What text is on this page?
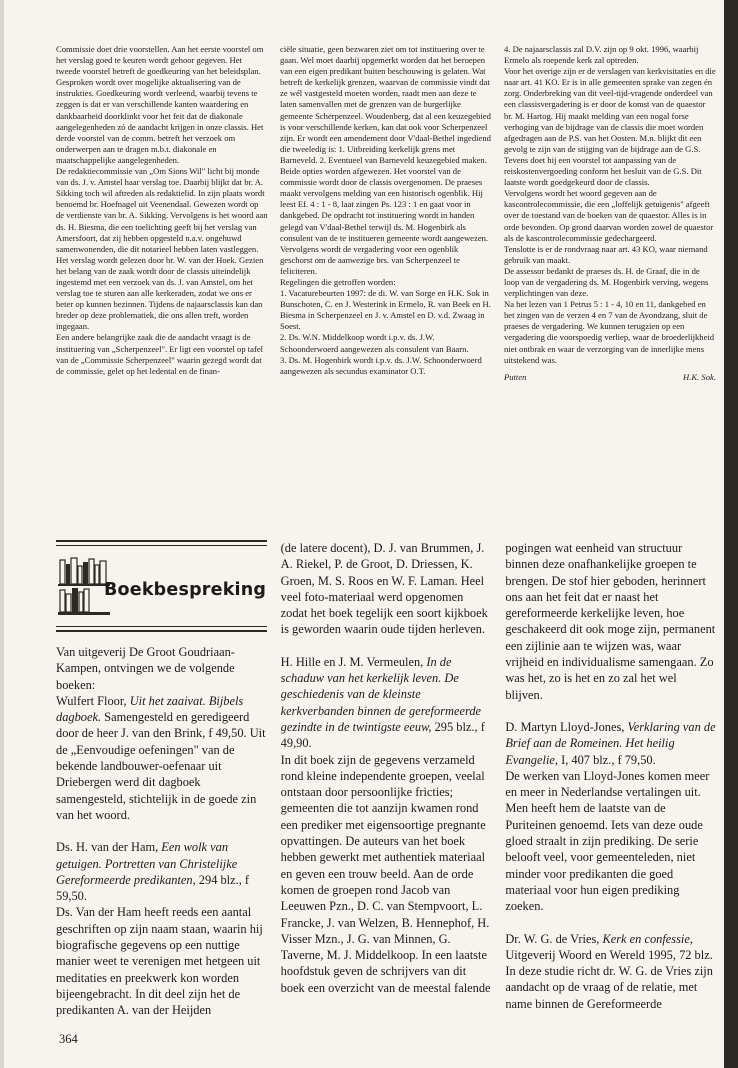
Commissie doet drie voorstellen. Aan het eerste voorstel om het verslag goed te keuren wordt gehoor gegeven. Het tweede voorstel betreft de goedkeuring van het beleidsplan. Gesproken wordt over mogelijke aktualisering van de instrukties. Goedkeuring wordt verleend, waarbij tevens te zeggen is dat er van verschillende kanten waardering en dankbaarheid doorklinkt voor het feit dat de diakonale aangelegenheden zó de aandacht krijgen in onze classis. Het derde voorstel van de comm. betreft het verzoek om onderwerpen aan te dragen m.b.t. diakonale en maatschappelijke aangelegenheden.

De redaktiecommissie van „Om Sions Wil" licht bij monde van ds. J. v. Amstel haar verslag toe. Daarbij blijkt dat br. A. Sikking toch wil aftreden als redaktielid. In zijn plaats wordt benoemd br. Hoefnagel uit Veenendaal. Gewezen wordt op de verdienste van br. A. Sikking. Vervolgens is het woord aan ds. H. Biesma, die een toelichting geeft bij het verslag van Amersfoort, dat zij hebben opgesteld n.a.v. ongehuwd samenwonenden, die dit notarieel hebben laten vastleggen. Het verslag wordt gelezen door br. W. van der Hoek. Gezien het belang van de zaak wordt door de classis uiteindelijk ingestemd met een verzoek van ds. J. van Amstel, om het verslag toe te sturen aan alle kerkeraden, zodat we ons er beter op kunnen bezinnen. Tijdens de najaarsclassis kan dan breder op deze problematiek, die ons allen treft, worden ingegaan.

Een andere belangrijke zaak die de aandacht vraagt is de instituering van „Scherpenzeel". Er ligt een voorstel op tafel van de „Commissie Scherpenzeel" waarin gezegd wordt dat de commissie, gelet op het ledental en de finan-

ciële situatie, geen bezwaren ziet om tot instituering over te gaan. Wel moet daarbij opgemerkt worden dat het beroepen van een eigen predikant buiten beschouwing is gelaten. Wat betreft de kerkelijk grenzen, waarvan de commissie vindt dat ze wél vastgesteld moeten worden, raadt men aan deze te laten samenvallen met de grenzen van de burgerlijke gemeente Scherpenzeel. Woudenberg, dat al een keuzegebied is voor verschillende kerken, kan dat ook voor Scherpenzeel zijn. Er wordt een amendement door V'daal-Bethel ingediend die tweeledig is: 1. Uitbreiding kerkelijk grens met Barneveld. 2. Eventueel van Barneveld keuzegebied maken. Beide opties worden afgewezen. Het voorstel van de commissie wordt door de classis overgenomen. De praeses maakt vervolgens melding van een historisch ogenblik. Hij leest Ef. 4 : 1 - 8, laat zingen Ps. 123 : 1 en gaat voor in dankgebed. De opdracht tot instituering wordt in handen gelegd van V'daal-Bethel terwijl ds. M. Hogenbirk als consulent van de te institueren gemeente wordt aangewezen. Vervolgens wordt de vergadering voor een ogenblik geschorst om de aanwezige brs. van Scherpenzeel te feliciteren.

Regelingen die getroffen worden:

1. Vacaturebeurten 1997: de di. W. van Sorge en H.K. Sok in Bunschoten, C. en J. Westerink in Ermelo, R. van Beek en H. Biesma in Scherpenzeel en J. v. Amstel en D. v.d. Zwaag in Soest.

2. Ds. W.N. Middelkoop wordt i.p.v. ds. J.W. Schoonderwoerd aangewezen als consulent van Baarn.

3. Ds. M. Hogenbirk wordt i.p.v. ds. J.W. Schoonderwoerd aangewezen als secundus examinator O.T.

4. De najaarsclassis zal D.V. zijn op 9 okt. 1996, waarbij Ermelo als roepende kerk zal optreden.

Voor het overige zijn er de verslagen van kerkvisitaties en die naar art. 41 KO. Er is in alle gemeenten sprake van zegen én zorg. Onderbreking van dit veel-tijd-vragende onderdeel van een classisvergadering is er door de komst van de quaestor br. M. Hartog. Hij maakt melding van een nogal forse verhoging van de bijdrage van de classis die moet worden afgedragen aan de P.S. van het Oosten. M.n. blijkt dit een gevolg te zijn van de stijging van de bijdrage aan de G.S. Tevens doet hij een voorstel tot aanpassing van de reiskostenvergoeding conform het besluit van de G.S. Dit laatste wordt goedgekeurd door de classis.

Vervolgens wordt het woord gegeven aan de kascontrolecommissie, die een „loffelijk getuigenis" afgeeft over de toestand van de boeken van de quaestor. Alles is in orde bevonden. Op grond daarvan worden zowel de quaestor als de kascontrolecommissie gedechargeerd.

Tenslotte is er de rondvraag naar art. 43 KO, waar niemand gebruik van maakt.

De assessor bedankt de praeses ds. H. de Graaf, die in de loop van de vergadering ds. M. Hogenbirk verving, wegens verplichtingen van deze.

Na het lezen van 1 Petrus 5 : 1 - 4, 10 en 11, dankgebed en het zingen van de verzen 4 en 7 van de Avondzang, sluit de praeses de vergadering. We kunnen terugzien op een vergadering die voorspoedig verliep, waar de broederlijkheid niet ontbrak en waar de verzorging van de innerlijke mens uitstekend was.

Putten	H.K. Sok.
Boekbespreking

Van uitgeverij De Groot Goudriaan-Kampen, ontvingen we de volgende boeken:

Wulfert Floor, Uit het zaaivat. Bijbels dagboek. Samengesteld en geredigeerd door de heer J. van den Brink, f 49,50. Uit de „Eenvoudige oefeningen" van de bekende landbouwer-oefenaar uit Driebergen werd dit dagboek samengesteld, stichtelijk in de goede zin van het woord.

Ds. H. van der Ham, Een wolk van getuigen. Portretten van Christelijke Gereformeerde predikanten, 294 blz., f 59,50.

Ds. Van der Ham heeft reeds een aantal geschriften op zijn naam staan, waarin hij biografische gegevens op een nuttige manier weet te verenigen met hetgeen uit meditaties en preekwerk kon worden bijeengebracht. In dit deel zijn het de predikanten A. van der Heijden

(de latere docent), D. J. van Brummen, J. A. Riekel, P. de Groot, D. Driessen, K. Groen, M. S. Roos en W. F. Laman. Heel veel foto-materiaal werd opgenomen zodat het boek tegelijk een soort kijkboek is geworden waarin oude tijden herleven.

H. Hille en J. M. Vermeulen, In de schaduw van het kerkelijk leven. De geschiedenis van de kleinste kerkverbanden binnen de gereformeerde gezindte in de twintigste eeuw, 295 blz., f 49,90.

In dit boek zijn de gegevens verzameld rond kleine independente groepen, veelal ontstaan door persoonlijke fricties; gemeenten die tot aanzijn kwamen rond een prediker met eigensoortige pregnante opvattingen. De auteurs van het boek hebben gewerkt met authentiek materiaal en geven een trouw beeld. Aan de orde komen de groepen rond Jacob van Leeuwen Pzn., D. C. van Stempvoort, L. Francke, J. van Welzen, B. Hennephof, H. Visser Mzn., J. G. van Minnen, G. Taverne, M. J. Middelkoop. In een laatste hoofdstuk geven de schrijvers van dit boek een overzicht van de meestal falende

pogingen wat eenheid van structuur binnen deze onafhankelijke groepen te brengen. De stof hier geboden, herinnert ons aan het feit dat er naast het gereformeerde kerkelijke leven, hoe geschakeerd dit ook moge zijn, permanent een zijlinie aan te wijzen was, waar vrijheid en individualisme samengaan. Zo was het, zo is het en zo zal het wel blijven.

D. Martyn Lloyd-Jones, Verklaring van de Brief aan de Romeinen. Het heilig Evangelie, I, 407 blz., f 79,50.

De werken van Lloyd-Jones komen meer en meer in Nederlandse vertalingen uit. Men heeft hem de laatste van de Puriteinen genoemd. Iets van deze oude gloed straalt in zijn prediking. De serie belooft veel, voor gemeenteleden, niet minder voor predikanten die goed materiaal voor hun eigen prediking zoeken.

Dr. W. G. de Vries, Kerk en confessie, Uitgeverij Woord en Wereld 1995, 72 blz.

In deze studie richt dr. W. G. de Vries zijn aandacht op de vraag of de relatie, met name binnen de Gereformeerde

364
